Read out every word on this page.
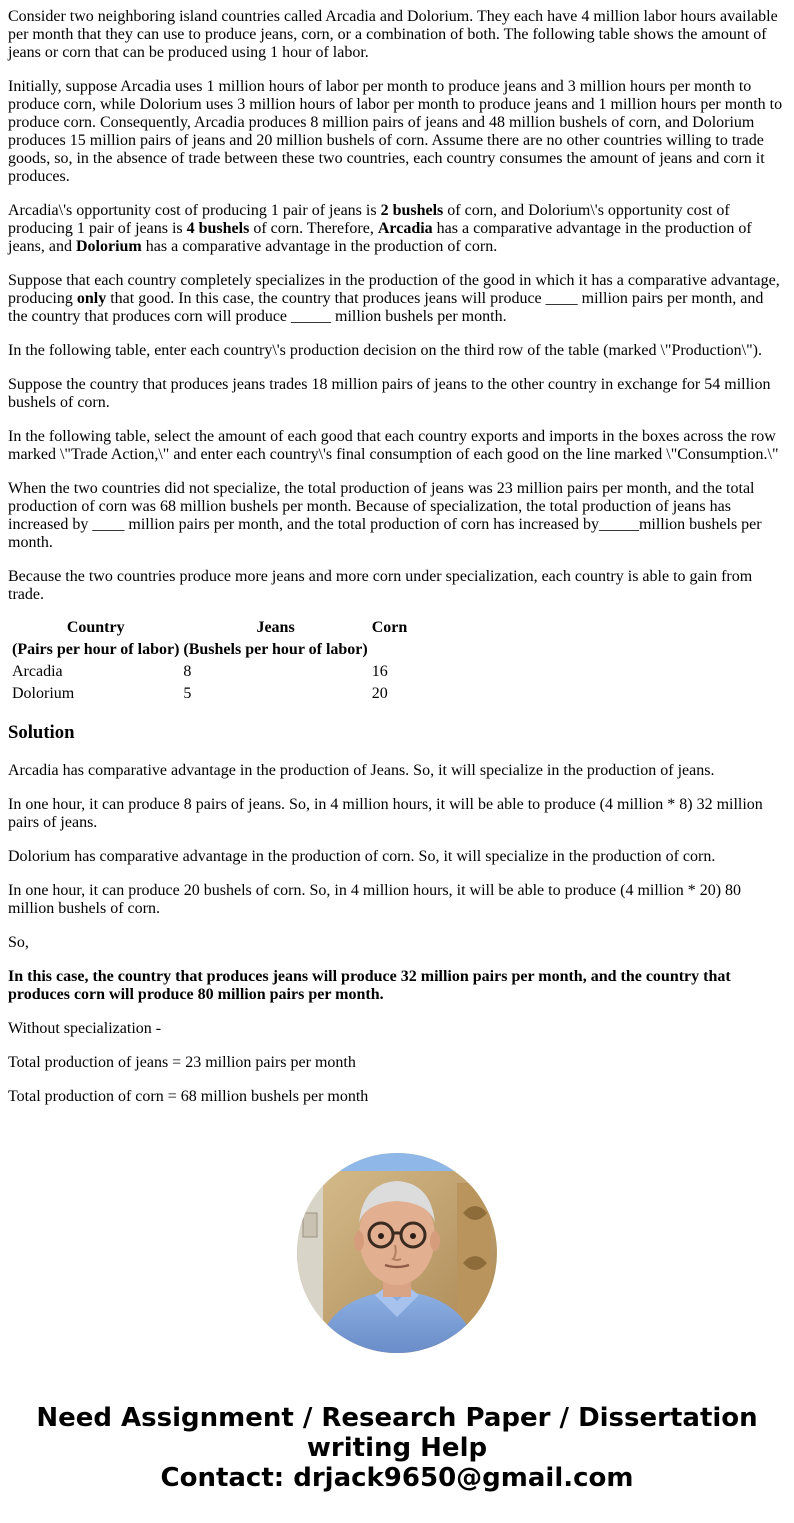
Consider two neighboring island countries called Arcadia and Dolorium. They each have 4 million labor hours available per month that they can use to produce jeans, corn, or a combination of both. The following table shows the amount of jeans or corn that can be produced using 1 hour of labor.

Initially, suppose Arcadia uses 1 million hours of labor per month to produce jeans and 3 million hours per month to produce corn, while Dolorium uses 3 million hours of labor per month to produce jeans and 1 million hours per month to produce corn. Consequently, Arcadia produces 8 million pairs of jeans and 48 million bushels of corn, and Dolorium produces 15 million pairs of jeans and 20 million bushels of corn. Assume there are no other countries willing to trade goods, so, in the absence of trade between these two countries, each country consumes the amount of jeans and corn it produces.

Arcadia\'s opportunity cost of producing 1 pair of jeans is 2 bushels of corn, and Dolorium\'s opportunity cost of producing 1 pair of jeans is 4 bushels of corn. Therefore, Arcadia has a comparative advantage in the production of jeans, and Dolorium has a comparative advantage in the production of corn.

Suppose that each country completely specializes in the production of the good in which it has a comparative advantage, producing only that good. In this case, the country that produces jeans will produce ____ million pairs per month, and the country that produces corn will produce _____ million bushels per month.

In the following table, enter each country\'s production decision on the third row of the table (marked \"Production\").

Suppose the country that produces jeans trades 18 million pairs of jeans to the other country in exchange for 54 million bushels of corn.

In the following table, select the amount of each good that each country exports and imports in the boxes across the row marked \"Trade Action,\" and enter each country\'s final consumption of each good on the line marked \"Consumption.\"

When the two countries did not specialize, the total production of jeans was 23 million pairs per month, and the total production of corn was 68 million bushels per month. Because of specialization, the total production of jeans has increased by ____ million pairs per month, and the total production of corn has increased by_____million bushels per month.

Because the two countries produce more jeans and more corn under specialization, each country is able to gain from trade.

Country	Jeans	Corn
(Pairs per hour of labor)	(Bushels per hour of labor)	
Arcadia	8	16
Dolorium	5	20
Solution

Arcadia has comparative advantage in the production of Jeans. So, it will specialize in the production of jeans.

In one hour, it can produce 8 pairs of jeans. So, in 4 million hours, it will be able to produce (4 million * 8) 32 million pairs of jeans.

Dolorium has comparative advantage in the production of corn. So, it will specialize in the production of corn.

In one hour, it can produce 20 bushels of corn. So, in 4 million hours, it will be able to produce (4 million * 20) 80 million bushels of corn.

So,

In this case, the country that produces jeans will produce 32 million pairs per month, and the country that produces corn will produce 80 million pairs per month.

Without specialization -

Total production of jeans = 23 million pairs per month

Total production of corn = 68 million bushels per month

Need Assignment / Research Paper / Dissertation
writing Help
Contact: drjack9650@gmail.com
